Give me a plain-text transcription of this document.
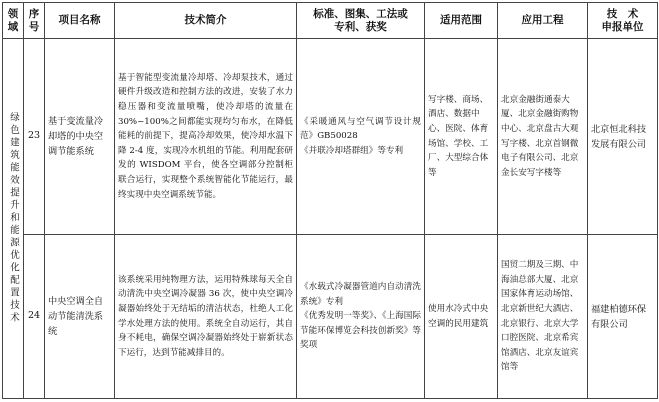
领
域	序
号	项目名称	技术简介	标准、图集、工法或
专利、获奖	适用范围	应用工程	技　术
申报单位
绿色建筑能效提升和能源优化配置技术	23	基于变流量冷却塔的中央空调节能系统	基于智能型变流量冷却塔、冷却泵技术，通过硬件升级改造和控制方法的改进，安装了水力稳压器和变流量喷嘴，使冷却塔的流量在 30%~100%之间都能实现均匀布水，在降低能耗的前提下，提高冷却效果，使冷却水温下降 2-4 度，实现冷水机组的节能。利用配套研发的 WISDOM 平台，使各空调部分控制柜联合运行，实现整个系统智能化节能运行，最终实现中央空调系统节能。	《采暖通风与空气调节设计规范》GB50028
《并联冷却塔群组》等专利	写字楼、商场、酒店、数据中心、医院、体育场馆、学校、工厂、大型综合体等	北京金融街通泰大厦、北京金融街购物中心、北京盘古大观写字楼、北京首钢微电子有限公司、北京金长安写字楼等	北京恒北科技发展有限公司
	24	中央空调全自动节能清洗系统	该系统采用纯物理方法，运用特殊球每天全自动清洗中央空调冷凝器 36 次，使中央空调冷凝器始终处于无结垢的清洁状态，杜绝人工化学水处理方法的使用。系统全自动运行，其自身不耗电，确保空调冷凝器始终处于崭新状态下运行，达到节能减排目的。	《水载式冷凝器管道内自动清洗系统》专利
《优秀发明一等奖》、《上海国际节能环保博览会科技创新奖》等奖项	使用水冷式中央空调的民用建筑	国贸二期及三期、中海油总部大厦、北京国家体育运动场馆、北京新世纪大酒店、北京银行、北京大学口腔医院、北京希宾馆酒店、北京友谊宾馆等	福建柏德环保有限公司
